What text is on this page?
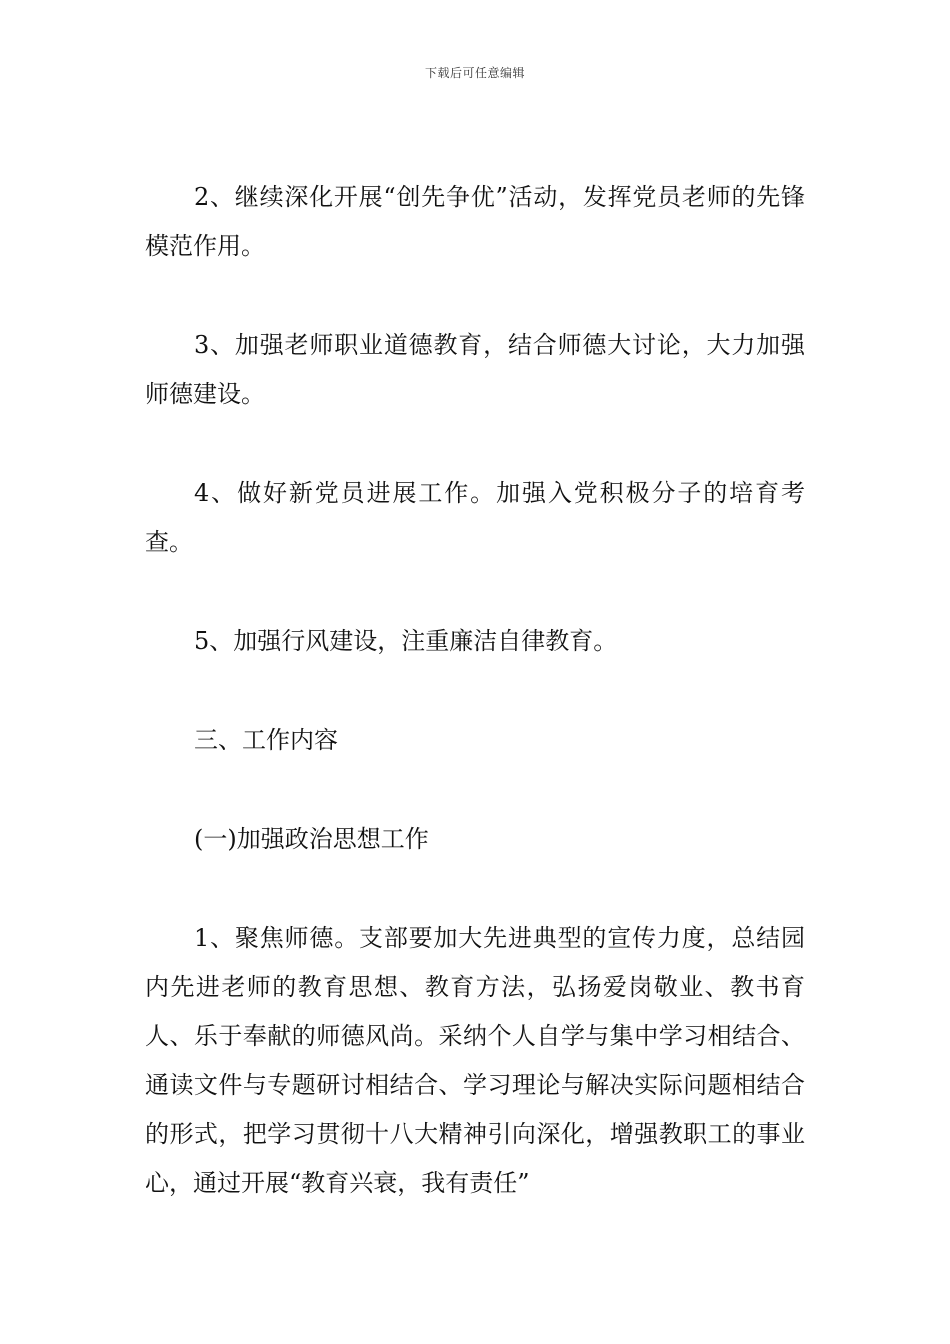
下载后可任意编辑

2、继续深化开展“创先争优”活动，发挥党员老师的先锋模范作用。

3、加强老师职业道德教育，结合师德大讨论，大力加强师德建设。

4、做好新党员进展工作。加强入党积极分子的培育考查。

5、加强行风建设，注重廉洁自律教育。

三、工作内容

(一)加强政治思想工作

1、聚焦师德。支部要加大先进典型的宣传力度，总结园内先进老师的教育思想、教育方法，弘扬爱岗敬业、教书育人、乐于奉献的师德风尚。采纳个人自学与集中学习相结合、通读文件与专题研讨相结合、学习理论与解决实际问题相结合的形式，把学习贯彻十八大精神引向深化，增强教职工的事业心，通过开展“教育兴衰，我有责任”
